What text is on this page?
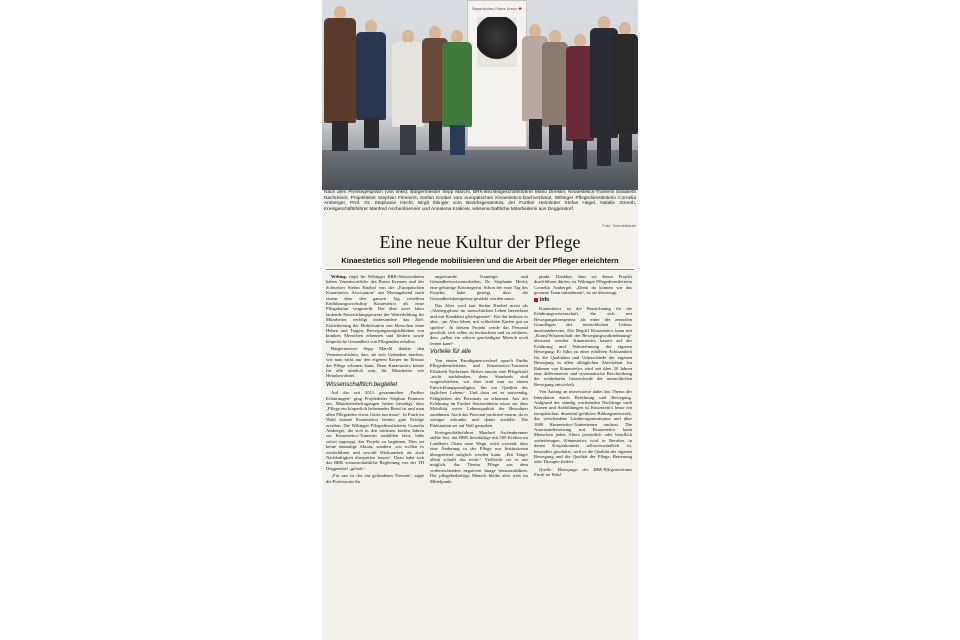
Bayerisches Rotes Kreuz ✚
Nach dem Pressegespräch (von links): Bürgermeister Sepp Märchl, BRK-Bezirksgeschäftsführer Mario Dreisler, Kinaestetics-Trainerin Elisabeth Nachreiner, Projektleiter Stephan Fimmers, Stefan Knobel vom europäischen Kinaestetics-Dachverband, Wiltinger Pflegedienstleiterin Cornelia Amberger, Prof. Dr. Stephanie Hecht, Birgit Iblinger vom Bezirksgesamtrat, der Further Heimleiter Stefan Hagel, Natalie Streeth, Kreisgeschäftsführer Manfred Aschenbrenner und Annalena Kralicek, wissenschaftliche Mitarbeiterin aus Deggendorf.
Foto: Schmidbauer
Eine neue Kultur der Pflege
Kinaestetics soll Pflegende mobilisieren und die Arbeit der Pfleger erleichtern

Wilting. (mp) Im Wiltinger BRK-Seniorenheim haben Verantwortliche des Roten Kreuzes und der Schweizer Stefan Knobel von der „Europäischen Kinaestetics Association“ am Montagabend nach einem über den ganzen Tag verteilten Einführungsworkshop Kinaestetics als neue Pflegekultur vorgestellt. Der über zwei Jahre laufende Entwicklungsprozess der Weiterbildung für Mitarbeiter verfolgt insbesondere das Ziel: Erleichterung der Mobilisation von Menschen ohne Heben und Tragen, Bewegungsmöglichkeiten von kranken Menschen erkennen und fördern sowie körperliche Gesundheit von Pflegenden erhalten.

Bürgermeister Sepp Märchl dankte den Verantwortlichen, dass sie sich Gedanken machen, wie man nicht nur den eigenen Körper im Einsatz der Pflege schonen kann. Denn Kinaestetics könne für alle nützlich sein, für Mitarbeiter wie Heimbewohner.

Wissenschaftlich begleitet

Auf die seit 2011 gesammelten „Further Erfahrungen“ ging Projektleiter Stephan Fimmers ein. Mitarbeiterbefragungen hätten bestätigt, dass „Pflege ein körperlich belastender Beruf ist und man allen Pflegenden etwas Gutes tun muss“. In Furth im Wald konnte Kinaestetics bereits gute Erfolge erzielen. Die Wiltinger Pflegedienstleiterin Cornelia Amberger, die sich in den nächsten beiden Jahren zur Kinaestetics-Trainerin ausbilden lässt, habe sofort zugesagt, das Projekt zu beginnen. Dies sei keine einmalige Aktion, sondern „wir wollen es weiterführen und sowohl Wirksamkeit als auch Nachhaltigkeit überprüfen lassen“. Dazu habe sich das BRK wissenschaftliche Begleitung von der TH Deggendorf „geholt“.

„Für uns ist das ein gefundenes Fressen“, sagte die Professorin für

angewandte Trainings- und Gesundheitswissenschaften, Dr. Stephanie Hecht, eine gebürtige Kötztingerin. Schon der erste Tag des Projekts habe gezeigt, dass die Gesundheitskompetenz gestärkt werden muss.

Das Alter wird laut Stefan Knobel meist als „Abstiegsphase im menschlichen Leben bezeichnet und mit Krankheit gleichgesetzt“. Für ihn bedeute es aber, „im Alter leben, mit schlechten Karten gut zu spielen“. In diesem Projekt werde das Personal geschult, sich selber zu beobachten und zu erfahren, dass „selbst ein schwer geschädigter Mensch noch lernen kann“.

Vorteile für alle

Von einem Paradigmenwechsel sprach Furths Pflegedienstleiterin und Kinaestetics-Trainerin Elisabeth Nachreiner. Bisher musste eine Pflegekraft „nicht nachdenken, denn Standards sind vorgeschrieben, wir aber sind nun zu einem Entwicklungsparadigma, hin zur Qualität des täglichen Lebens“. Und dazu sei es notwendig, Fähigkeiten des Personals zu erkennen. Aus der Erfahrung im Further Seniorenheim wisse sie, dass Mobilität sowie Lebensqualität der Bewohner zunähmen. Auch das Personal profitiere enorm, da es weniger erkranke und damit ausfalle. Die Fluktuation sei auf Null gesunken.

Kreisgeschäftsführer Manfred Aschenbrenner stellte fest, das BRK beschäftige mit 500 Kräften im Landkreis Cham neue Wege, wohl wissend, dass eine Änderung in der Pflege nur Institutionen übergreifend möglich werden kann. „Ein Träger allein schafft das nicht.“ Vielleicht sei es nur möglich, das Thema Pflege aus dem vorherrschenden negativen Image herauszuführen. Der pflegebedürftige Mensch bleibe aber stets im Mittelpunkt.

punkt. Dankbar, dass sie dieses Projekt durchführen dürfen, ist Wiltinger Pflegedienstleiterin Cornelia Amberger. „Denn da können wir das gesamte Team mitnehmen“, ist sie überzeugt.

Info

Kinaestetics ist die Bezeichnung für die Erfahrungswissenschaft, die sich mit Bewegungskompetenz als einer der zentralen Grundlagen des menschlichen Lebens auseinandersetzt. Der Begriff Kinaestetics kann mit „Kunst/Wissenschaft der Bewegungswahrnehmung“ übersetzt werden. Kinaestetics basiert auf der Erfahrung und Wahrnehmung der eigenen Bewegung. Er führt zu einer erhöhten Achtsamkeit für die Qualitäten und Unterschiede der eigenen Bewegung in allen alltäglichen Aktivitäten. Im Rahmen von Kinaestetics wird seit über 20 Jahren eine differenzierte und systematische Beschreibung der erfahrbaren Unterschiede der menschlichen Bewegung entwickelt.

Von Anfang an interessierte dabei das Thema der Interaktion durch Berührung und Bewegung. Aufgrund der ständig wachsenden Nachfrage nach Kursen und Ausbildungen ist Kinaestetics heute ein europäischen, dezentral geführtes Bildungsnetzwerk, das verschiedene Länderorganisationen und über 1000 Kinaestetics-Trainerinnen umfasst. Die Auseinandersetzung mit Kinaestetics kann Menschen jeden Alters persönlich oder beruflich weiterbringen. Kinaestetics wird in Berufen, in denen Körperkontakt selbstverständlich ist, besonders geschätzt, weil es die Qualität der eigenen Bewegung und die Qualität der Pflege, Betreuung oder Therapie fördert.

Quelle: Homepage des BRK-Pflegezentrums Furth im Wald
